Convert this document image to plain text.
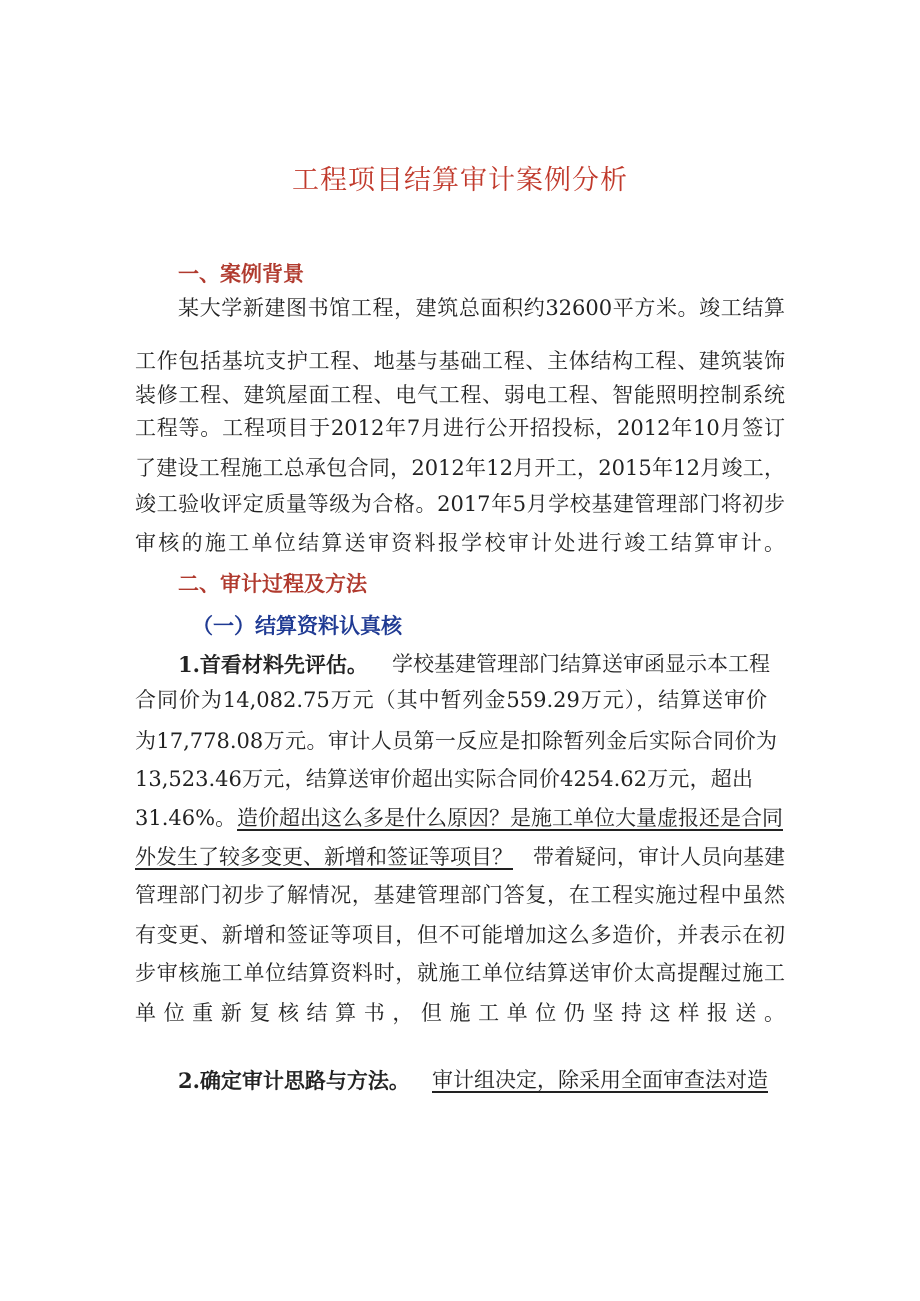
工程项目结算审计案例分析
一、案例背景
某大学新建图书馆工程，建筑总面积约32600平方米。竣工结算
工作包括基坑支护工程、地基与基础工程、主体结构工程、建筑装饰
装修工程、建筑屋面工程、电气工程、弱电工程、智能照明控制系统
工程等。工程项目于2012年7月进行公开招投标，2012年10月签订
了建设工程施工总承包合同，2012年12月开工，2015年12月竣工，
竣工验收评定质量等级为合格。2017年5月学校基建管理部门将初步
审核的施工单位结算送审资料报学校审计处进行竣工结算审计。
二、审计过程及方法
（一）结算资料认真核
1.首看材料先评估。 学校基建管理部门结算送审函显示本工程
合同价为14,082.75万元（其中暂列金559.29万元），结算送审价
为17,778.08万元。审计人员第一反应是扣除暂列金后实际合同价为
13,523.46万元，结算送审价超出实际合同价4254.62万元，超出
31.46%。 造价超出这么多是什么原因？是施工单位大量虚报还是合同
外发生了较多变更、新增和签证等项目？ 带着疑问，审计人员向基建
管理部门初步了解情况，基建管理部门答复，在工程实施过程中虽然
有变更、新增和签证等项目，但不可能增加这么多造价，并表示在初
步审核施工单位结算资料时，就施工单位结算送审价太高提醒过施工
单位重新复核结算书，但施工单位仍坚持这样报送。
2.确定审计思路与方法。 审计组决定，除采用全面审查法对造
